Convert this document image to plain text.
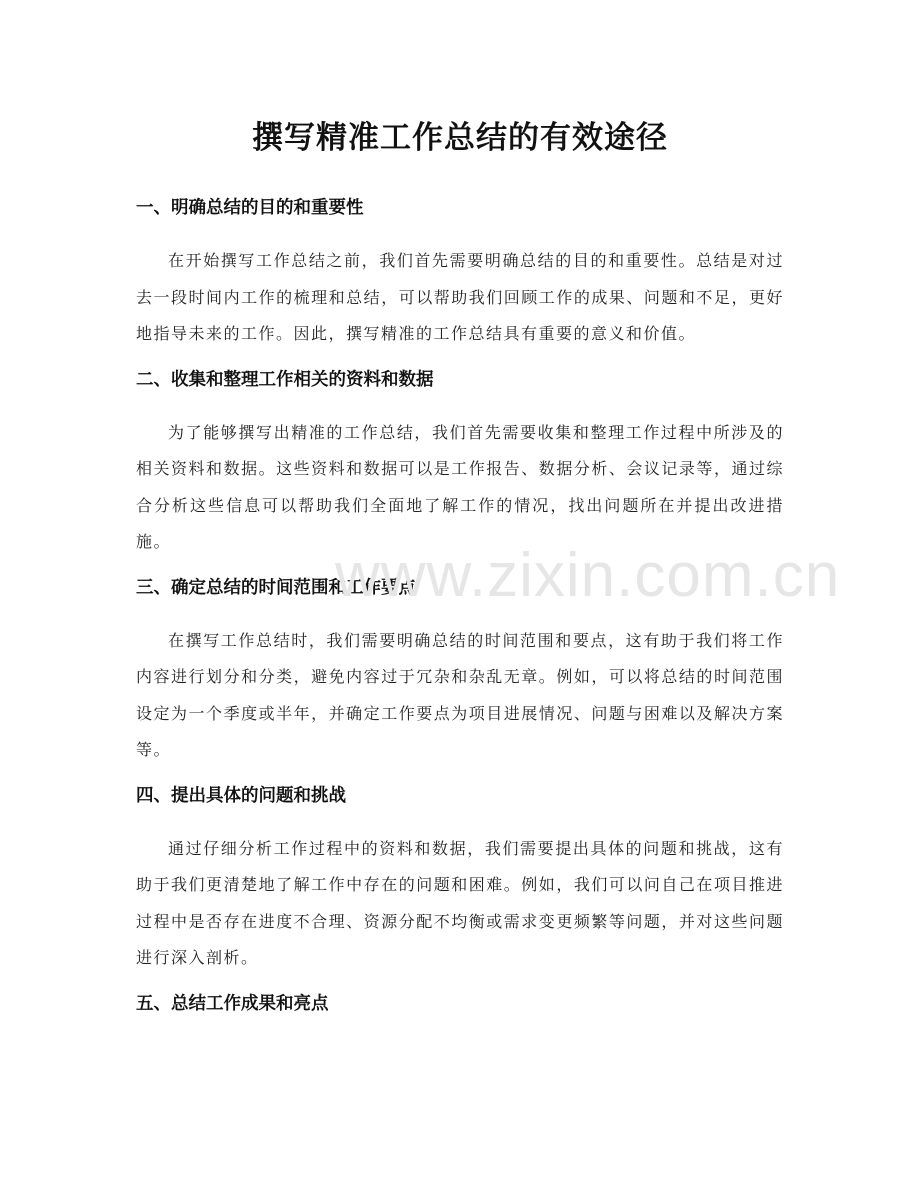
撰写精准工作总结的有效途径
一、明确总结的目的和重要性

在开始撰写工作总结之前，我们首先需要明确总结的目的和重要性。总结是对过去一段时间内工作的梳理和总结，可以帮助我们回顾工作的成果、问题和不足，更好地指导未来的工作。因此，撰写精准的工作总结具有重要的意义和价值。

二、收集和整理工作相关的资料和数据

为了能够撰写出精准的工作总结，我们首先需要收集和整理工作过程中所涉及的相关资料和数据。这些资料和数据可以是工作报告、数据分析、会议记录等，通过综合分析这些信息可以帮助我们全面地了解工作的情况，找出问题所在并提出改进措施。

三、确定总结的时间范围和工作要点

在撰写工作总结时，我们需要明确总结的时间范围和要点，这有助于我们将工作内容进行划分和分类，避免内容过于冗杂和杂乱无章。例如，可以将总结的时间范围设定为一个季度或半年，并确定工作要点为项目进展情况、问题与困难以及解决方案等。

四、提出具体的问题和挑战

通过仔细分析工作过程中的资料和数据，我们需要提出具体的问题和挑战，这有助于我们更清楚地了解工作中存在的问题和困难。例如，我们可以问自己在项目推进过程中是否存在进度不合理、资源分配不均衡或需求变更频繁等问题，并对这些问题进行深入剖析。

五、总结工作成果和亮点
www.zixin.com.cn
